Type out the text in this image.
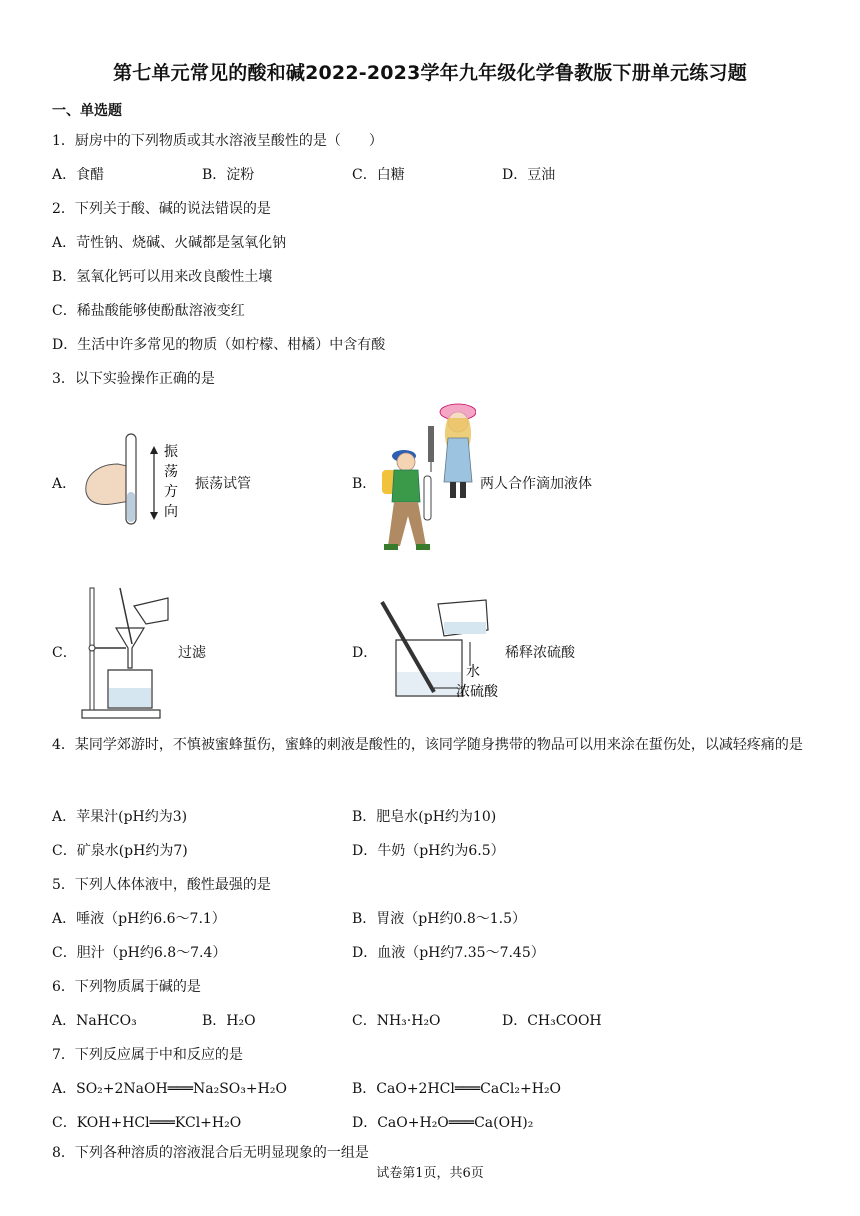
第七单元常见的酸和碱2022-2023学年九年级化学鲁教版下册单元练习题
一、单选题
1．厨房中的下列物质或其水溶液呈酸性的是（　　）
A．食醋	B．淀粉	C．白糖	D．豆油
2．下列关于酸、碱的说法错误的是
A．苛性钠、烧碱、火碱都是氢氧化钠
B．氢氧化钙可以用来改良酸性土壤
C．稀盐酸能够使酚酞溶液变红
D．生活中许多常见的物质（如柠檬、柑橘）中含有酸
3．以下实验操作正确的是
A．
振
荡
方
向
振荡试管	B．	两人合作滴加液体
C．	过滤	D．
水
浓硫酸
稀释浓硫酸
4．某同学郊游时，不慎被蜜蜂蜇伤，蜜蜂的刺液是酸性的，该同学随身携带的物品可以用来涂在蜇伤处，以减轻疼痛的是
A．苹果汁(pH约为3)	B．肥皂水(pH约为10)
C．矿泉水(pH约为7)	D．牛奶（pH约为6.5）
5．下列人体体液中，酸性最强的是
A．唾液（pH约6.6～7.1）	B．胃液（pH约0.8～1.5）
C．胆汁（pH约6.8～7.4）	D．血液（pH约7.35～7.45）
6．下列物质属于碱的是
A．NaHCO₃	B．H₂O	C．NH₃·H₂O	D．CH₃COOH
7．下列反应属于中和反应的是
A．SO₂+2NaOH═══Na₂SO₃+H₂O	B．CaO+2HCl═══CaCl₂+H₂O
C．KOH+HCl═══KCl+H₂O	D．CaO+H₂O═══Ca(OH)₂
8．下列各种溶质的溶液混合后无明显现象的一组是
试卷第1页，共6页
